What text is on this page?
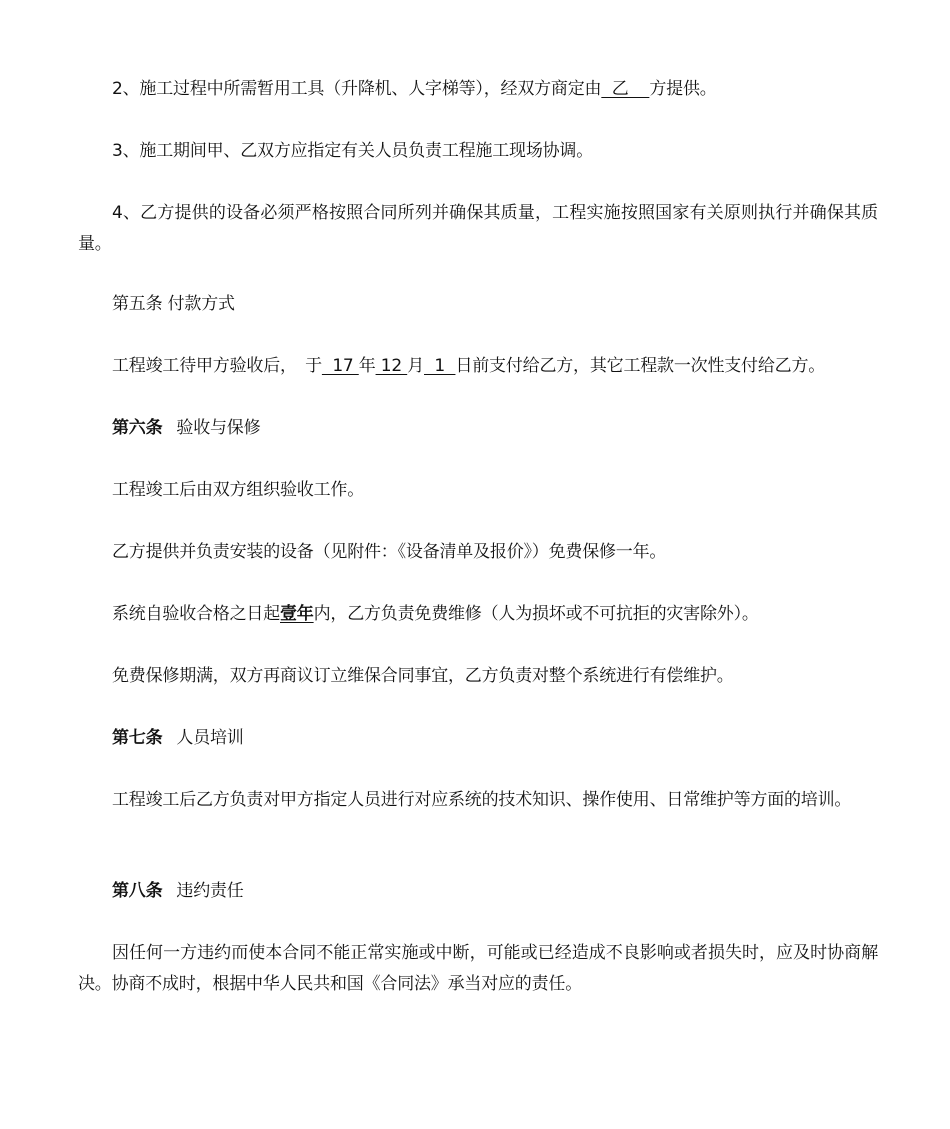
2、施工过程中所需暂用工具（升降机、人字梯等），经双方商定由  乙    方提供。

3、施工期间甲、乙双方应指定有关人员负责工程施工现场协调。

4、乙方提供的设备必须严格按照合同所列并确保其质量，工程实施按照国家有关原则执行并确保其质量。

第五条 付款方式

工程竣工待甲方验收后，　于  17 年 12 月  1  日前支付给乙方，其它工程款一次性支付给乙方。

第六条 验收与保修

工程竣工后由双方组织验收工作。

乙方提供并负责安装的设备（见附件：《设备清单及报价》）免费保修一年。

系统自验收合格之日起壹年内，乙方负责免费维修（人为损坏或不可抗拒的灾害除外）。

免费保修期满，双方再商议订立维保合同事宜，乙方负责对整个系统进行有偿维护。

第七条 人员培训

工程竣工后乙方负责对甲方指定人员进行对应系统的技术知识、操作使用、日常维护等方面的培训。

第八条 违约责任

因任何一方违约而使本合同不能正常实施或中断，可能或已经造成不良影响或者损失时，应及时协商解决。协商不成时，根据中华人民共和国《合同法》承当对应的责任。
